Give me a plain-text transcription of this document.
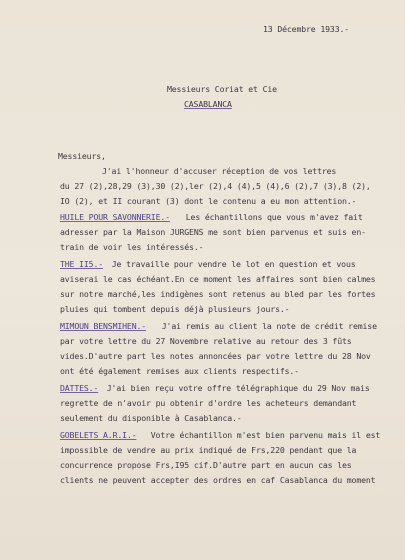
13 Décembre 1933.-
Messieurs Coriat et Cie
CASABLANCA
Messieurs,
J'ai l'honneur d'accuser réception de vos lettres
du 27 (2),28,29 (3),30 (2),ler (2),4 (4),5 (4),6 (2),7 (3),8 (2),
IO (2), et II courant (3) dont le contenu a eu mon attention.-
HUILE POUR SAVONNERIE.- Les échantillons que vous m'avez fait
adresser par la Maison JURGENS me sont bien parvenus et suis en-
train de voir les intéressés.-
THE II5.- Je travaille pour vendre le lot en question et vous
aviserai le cas échéant.En ce moment les affaires sont bien calmes
sur notre marché,les indigènes sont retenus au bled par les fortes
pluies qui tombent depuis déjà plusieurs jours.-
MIMOUN BENSMIHEN.- J'ai remis au client la note de crédit remise
par votre lettre du 27 Novembre relative au retour des 3 fûts
vides.D'autre part les notes annoncées par votre lettre du 28 Nov
ont été également remises aux clients respectifs.-
DATTES.- J'ai bien reçu votre offre télégraphique du 29 Nov mais
regrette de n'avoir pu obtenir d'ordre les acheteurs demandant
seulement du disponible à Casablanca.-
GOBELETS A.R.I.- Votre échantillon m'est bien parvenu mais il est
impossible de vendre au prix indiqué de Frs,220 pendant que la
concurrence propose Frs,I95 cif.D'autre part en aucun cas les
clients ne peuvent accepter des ordres en caf Casablanca du moment
